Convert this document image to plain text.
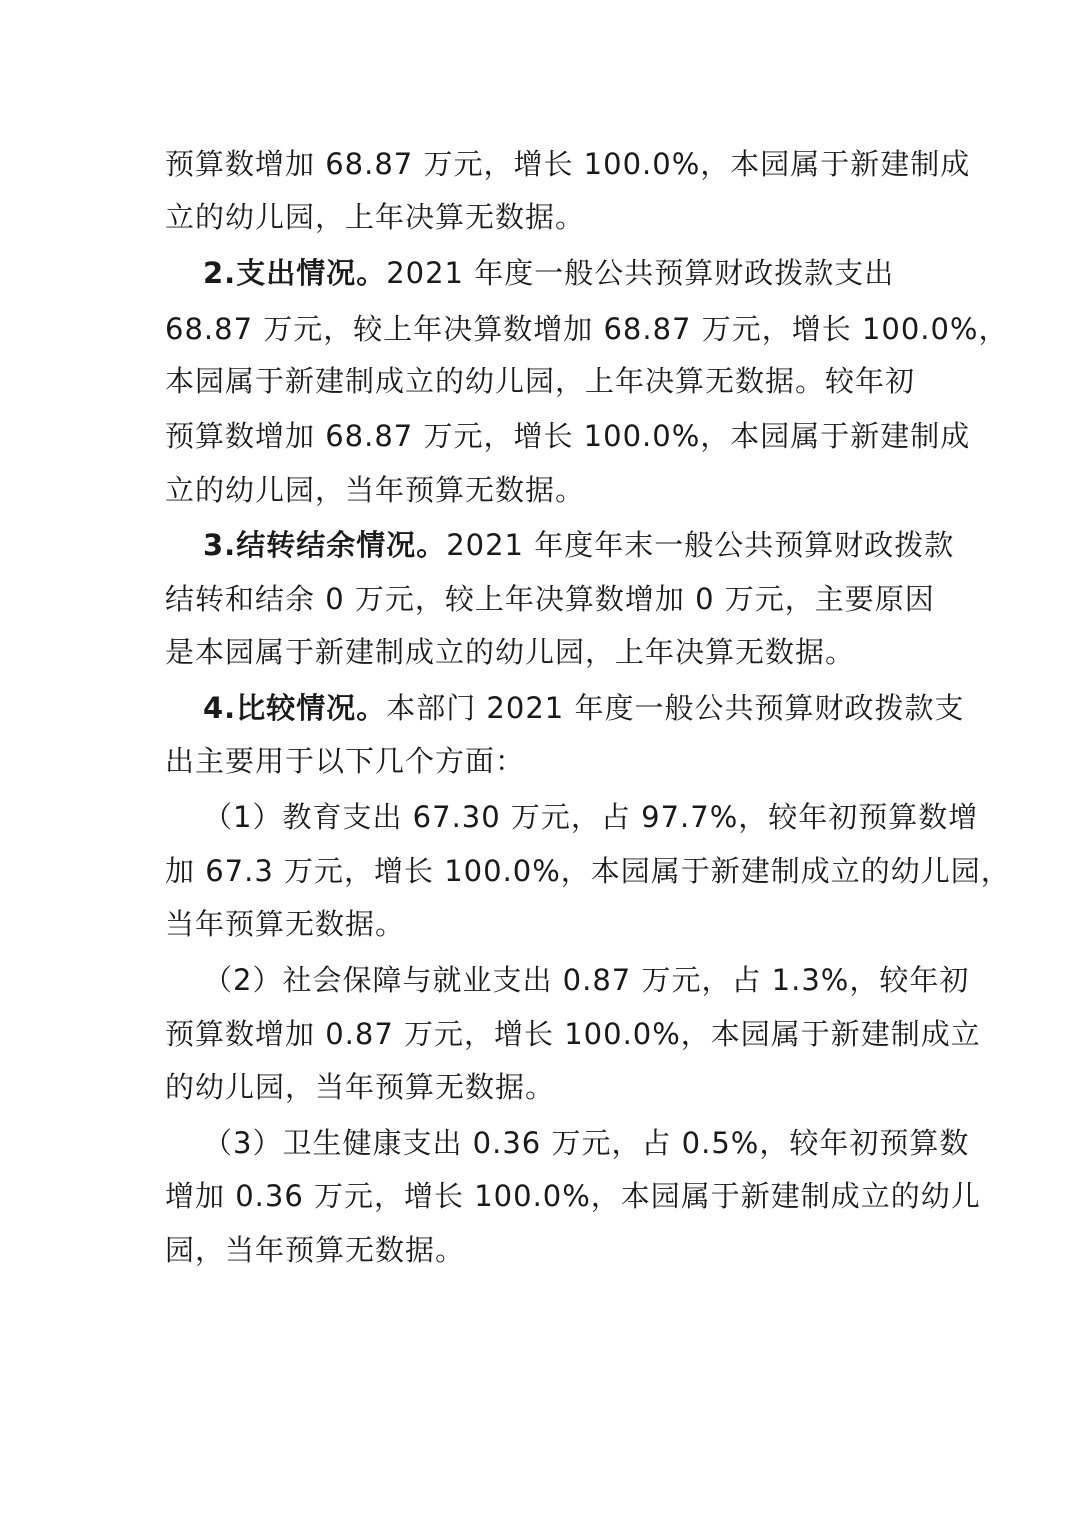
预算数增加 68.87 万元，增长 100.0%，本园属于新建制成
立的幼儿园，上年决算无数据。
2.支出情况。2021 年度一般公共预算财政拨款支出
68.87 万元，较上年决算数增加 68.87 万元，增长 100.0%，
本园属于新建制成立的幼儿园，上年决算无数据。较年初
预算数增加 68.87 万元，增长 100.0%，本园属于新建制成
立的幼儿园，当年预算无数据。
3.结转结余情况。2021 年度年末一般公共预算财政拨款
结转和结余 0 万元，较上年决算数增加 0 万元，主要原因
是本园属于新建制成立的幼儿园，上年决算无数据。
4.比较情况。本部门 2021 年度一般公共预算财政拨款支
出主要用于以下几个方面：
（1）教育支出 67.30 万元，占 97.7%，较年初预算数增
加 67.3 万元，增长 100.0%，本园属于新建制成立的幼儿园，
当年预算无数据。
（2）社会保障与就业支出 0.87 万元，占 1.3%，较年初
预算数增加 0.87 万元，增长 100.0%，本园属于新建制成立
的幼儿园，当年预算无数据。
（3）卫生健康支出 0.36 万元，占 0.5%，较年初预算数
增加 0.36 万元，增长 100.0%，本园属于新建制成立的幼儿
园，当年预算无数据。
